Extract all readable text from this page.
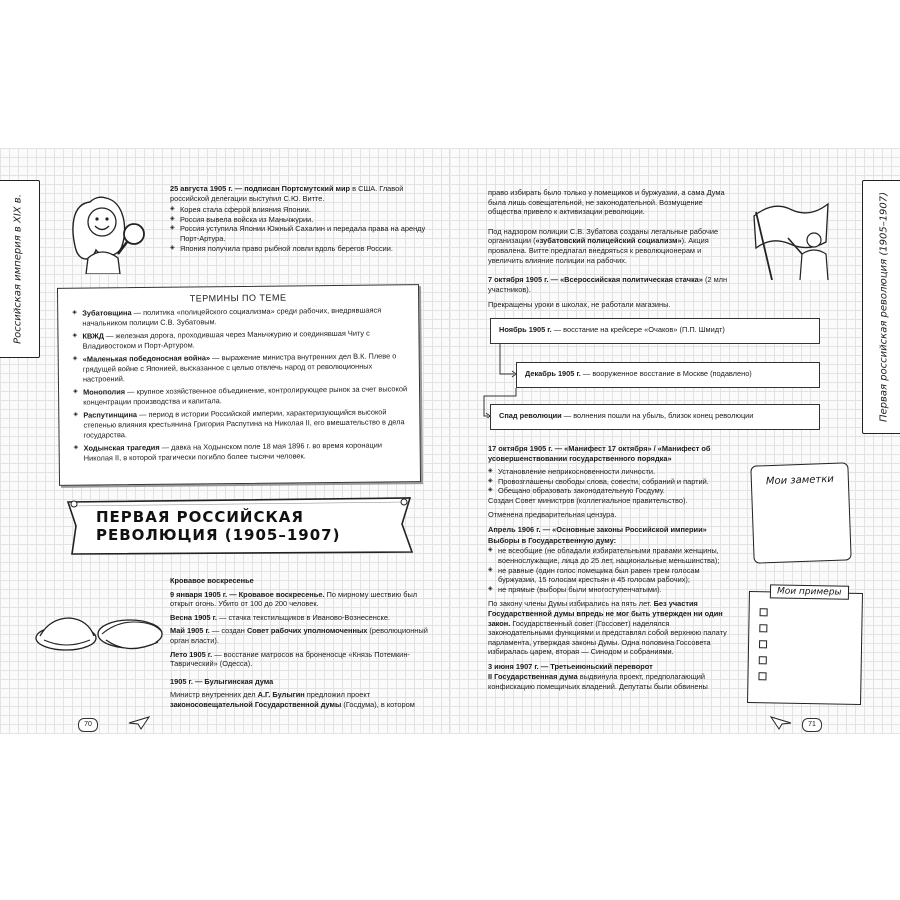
Российская империя в XIX в.

25 августа 1905 г. — подписан Портсмутский мир в США. Главой российской делегации выступил С.Ю. Витте.

◈ Корея стала сферой влияния Японии.

◈ Россия вывела войска из Маньчжурии.

◈ Россия уступила Японии Южный Сахалин и передала права на аренду Порт-Артура.

◈ Япония получила право рыбной ловли вдоль берегов России.

ТЕРМИНЫ ПО ТЕМЕ

◈ Зубатовщина — политика «полицейского социализма» среди рабочих, внедрявшаяся начальником полиции С.В. Зубатовым.

◈ КВЖД — железная дорога, проходившая через Маньчжурию и соединявшая Читу с Владивостоком и Порт-Артуром.

◈ «Маленькая победоносная война» — выражение министра внутренних дел В.К. Плеве о грядущей войне с Японией, высказанное с целью отвлечь народ от революционных настроений.

◈ Монополия — крупное хозяйственное объединение, контролирующее рынок за счет высокой концентрации производства и капитала.

◈ Распутинщина — период в истории Российской империи, характеризующийся высокой степенью влияния крестьянина Григория Распутина на Николая II, его вмешательство в дела государства.

◈ Ходынская трагедия — давка на Ходынском поле 18 мая 1896 г. во время коронации Николая II, в которой трагически погибло более тысячи человек.

ПЕРВАЯ РОССИЙСКАЯ
РЕВОЛЮЦИЯ (1905–1907)

Кровавое воскресенье

9 января 1905 г. — Кровавое воскресенье. По мирному шествию был открыт огонь. Убито от 100 до 200 человек.

Весна 1905 г. — стачка текстильщиков в Иваново-Вознесенске.

Май 1905 г. — создан Совет рабочих уполномоченных (революционный орган власти).

Лето 1905 г. — восстание матросов на броненосце «Князь Потемкин-Таврический» (Одесса).

1905 г. — Булыгинская дума

Министр внутренних дел А.Г. Булыгин предложил проект законосовещательной Государственной думы (Госдума), в котором

70

право избирать было только у помещиков и буржуазии, а сама Дума была лишь совещательной, не законодательной. Возмущение общества привело к активизации революции.

Под надзором полиции С.В. Зубатова созданы легальные рабочие организации («зубатовский полицейский социализм»). Акция провалена. Витте предлагал внедряться к революционерам и увеличить влияние полиции на рабочих.

7 октября 1905 г. — «Всероссийская политическая стачка» (2 млн участников).

Прекращены уроки в школах, не работали магазины.

Ноябрь 1905 г. — восстание на крейсере «Очаков» (П.П. Шмидт)
Декабрь 1905 г. — вооруженное восстание в Москве (подавлено)
Спад революции — волнения пошли на убыль, близок конец революции

17 октября 1905 г. — «Манифест 17 октября» / «Манифест об усовершенствовании государственного порядка»

◈ Установление неприкосновенности личности.

◈ Провозглашены свободы слова, совести, собраний и партий.

◈ Обещано образовать законодательную Госдуму.

Создан Совет министров (коллегиальное правительство).

Отменена предварительная цензура.

Апрель 1906 г. — «Основные законы Российской империи»

Выборы в Государственную думу:

◈ не всеобщие (не обладали избирательными правами женщины, военнослужащие, лица до 25 лет, национальные меньшинства);

◈ не равные (один голос помещика был равен трем голосам буржуазии, 15 голосам крестьян и 45 голосам рабочих);

◈ не прямые (выборы были многоступенчатыми).

По закону члены Думы избирались на пять лет. Без участия Государственной думы впредь не мог быть утвержден ни один закон. Государственный совет (Госсовет) наделялся законодательными функциями и представлял собой верхнюю палату парламента, утверждая законы Думы. Одна половина Госсовета избиралась царем, вторая — Синодом и собраниями.

3 июня 1907 г. — Третьеиюньский переворот

II Государственная дума выдвинула проект, предполагающий конфискацию помещичьих владений. Депутаты были обвинены

Мои заметки
Мои примеры
Первая российская революция (1905–1907)
71
